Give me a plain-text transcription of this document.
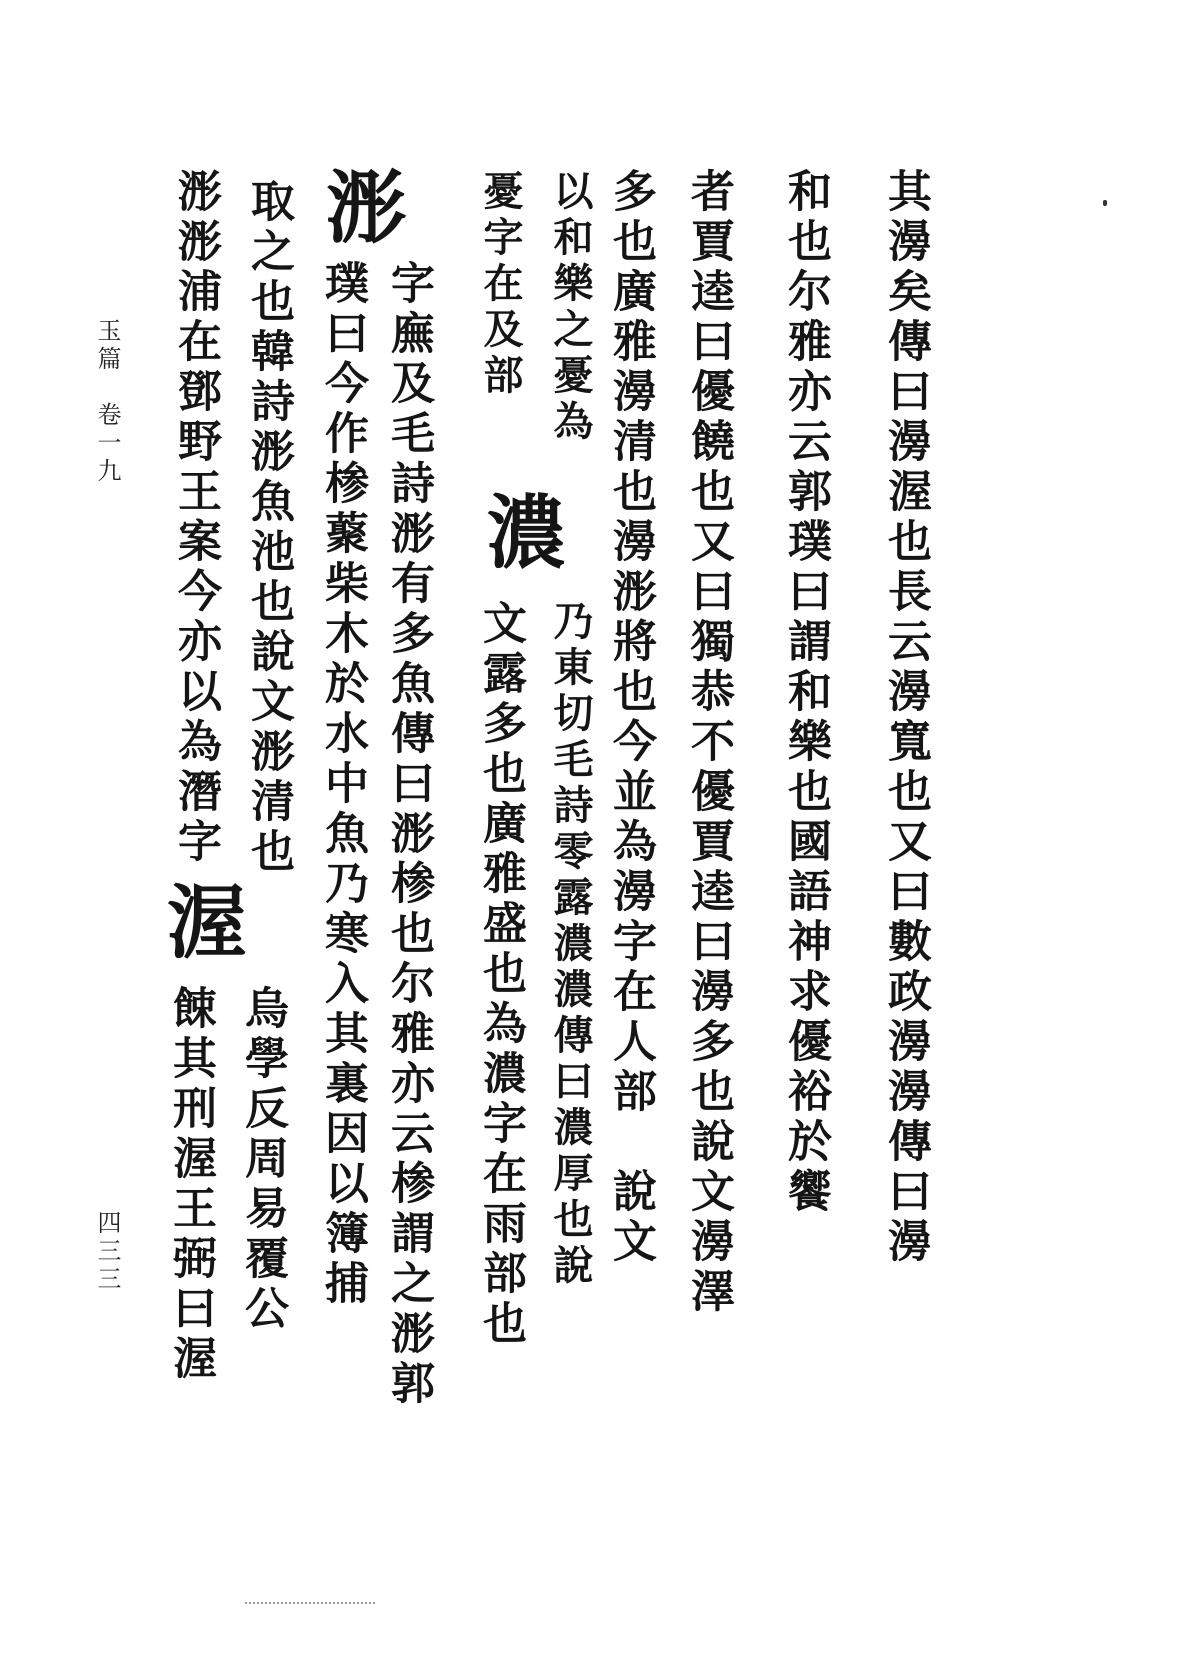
其澷矣傳曰澷渥也長云澷寬也又曰數政澷澷傳曰澷
和也尔雅亦云郭璞曰謂和樂也國語神求優裕於饗
者賈逵曰優饒也又曰獨恭不優賈逵曰澷多也說文澷澤
多也廣雅澷清也澷浵將也今並為澷字在人部　說文
以和樂之憂為
憂字在及部
濃
乃東切毛詩零露濃濃傳曰濃厚也說
文露多也廣雅盛也為濃字在雨部也
字廡及毛詩浵有多魚傳曰浵椮也尔雅亦云椮謂之浵郭
浵
璞曰今作椮藂柴木於水中魚乃寒入其裏因以簿捕
取之也韓詩浵魚池也說文浵清也
浵浵浦在鄧野王案今亦以為潛字
渥
烏學反周易覆公
餗其刑渥王弼曰渥
玉篇　卷一九
四三三
